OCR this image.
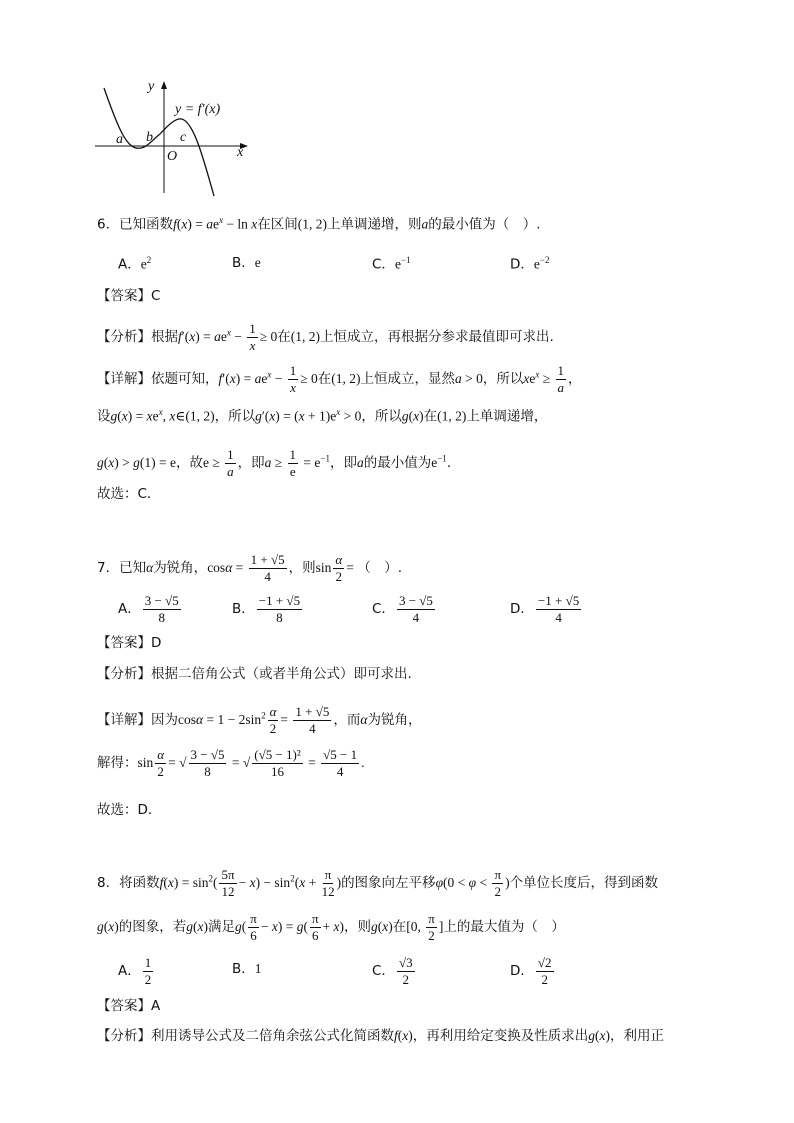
y
x
O
y = f′(x)
a b c
6．已知函数$f(x) = ae^x - \ln x$在区间(1, 2)上单调递增，则a的最小值为（　）.
A．$e^2$	B．e	C．$e^{-1}$	D．$e^{-2}$
【答案】C
【分析】根据$f'(x) = ae^x - \frac{1}{x} \ge 0$在(1, 2)上恒成立，再根据分参求最值即可求出.
【详解】依题可知，$f'(x) = ae^x - \frac{1}{x} \ge 0$在(1, 2)上恒成立，显然a > 0，所以$xe^x \ge \frac{1}{a}$ ，
设$g(x) = xe^x$, x∈(1, 2)，所以$g'(x) = (x + 1)e^x > 0$，所以g(x)在(1, 2)上单调递增，
g(x) > g(1) = e，故$e \ge \frac{1}{a}$ ，即$a \ge \frac{1}{e} = e^{-1}$，即a的最小值为$e^{-1}$.
故选：C．
7．已知α为锐角，$\cos\alpha = \frac{1 + √5}{4}$ ，则$\sin \frac{\alpha}{2}$ = （　）.
A． $\frac{3 - √5}{8}$	B． $\frac{-1 + √5}{8}$	C． $\frac{3 - √5}{4}$	D． $\frac{-1 + √5}{4}$
【答案】D
【分析】根据二倍角公式（或者半角公式）即可求出.
【详解】因为$\cos\alpha = 1 - 2\sin^2 \frac{\alpha}{2} = \frac{1 + √5}{4}$ ，而α为锐角，
解得：$\sin \frac{\alpha}{2}$ = √ $\frac{3 - √5}{8}$ = √ $\frac{\text{(√5 − 1)²}}{16} = \frac{√5 - 1}{4}$ .
故选：D．
8．将函数$f(x) = \sin^2( \frac{5\pi}{12} - x) - \sin^2(x + \frac{\pi}{12}$ )的图象向左平移$\varphi(0 < \varphi < \frac{\pi}{2}$ )个单位长度后，得到函数
g(x)的图象，若g(x)满足$g( \frac{\pi}{6} - x) = g( \frac{\pi}{6} + x)$，则g(x)在[0, $\frac{\pi}{2}$ ]上的最大值为（　）
A． $\frac{1}{2}$	B．1	C． $\frac{√3}{2}$	D． $\frac{√2}{2}$
【答案】A
【分析】利用诱导公式及二倍角余弦公式化简函数f(x)，再利用给定变换及性质求出g(x)，利用正
